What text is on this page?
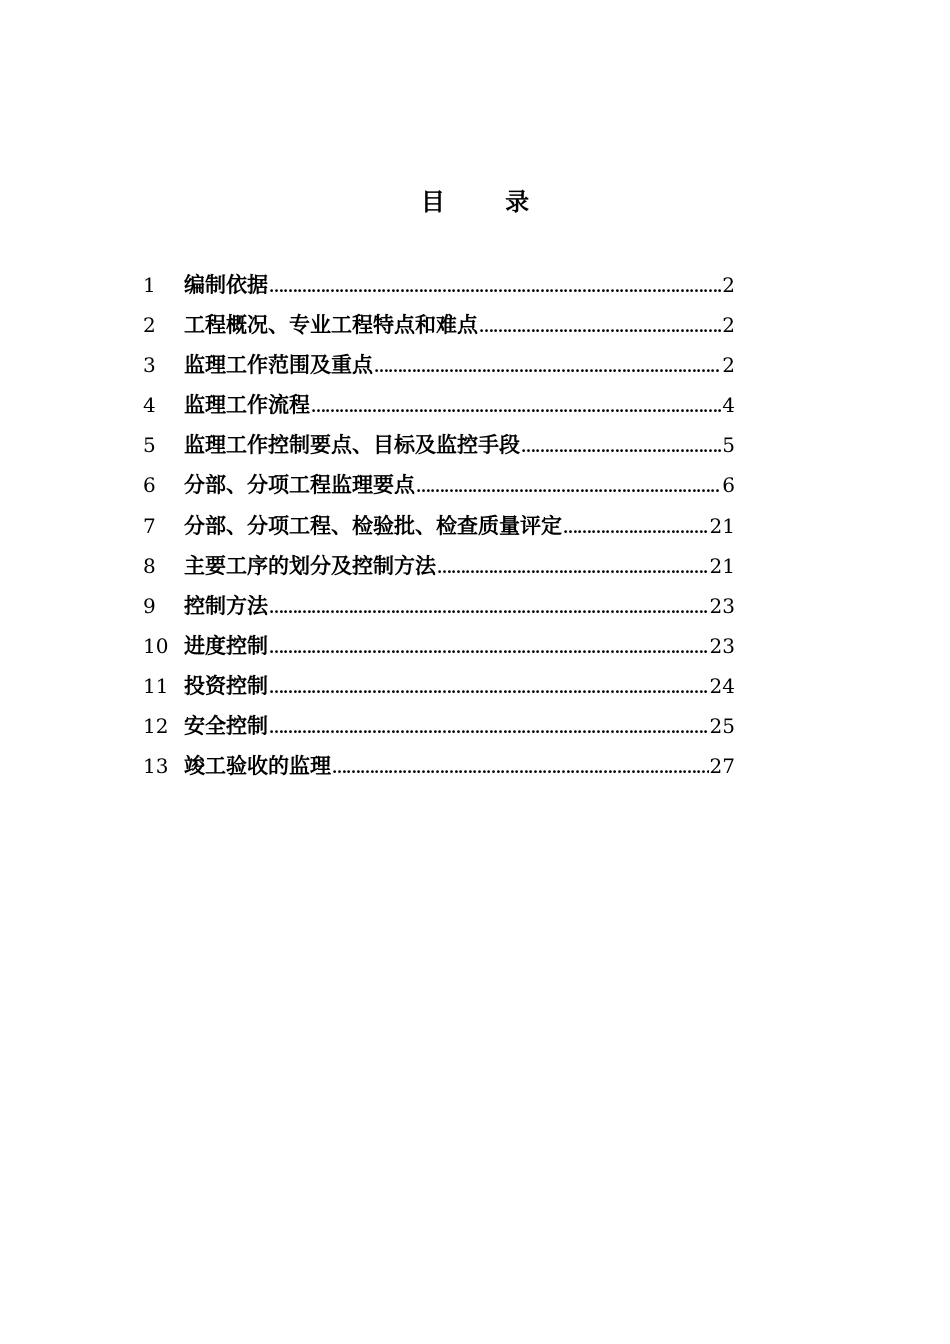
目 录
1	编制依据 ……………………………………………………………………………………………………………………………………………………………………	2
2	工程概况、专业工程特点和难点 ……………………………………………………………………………………………………………………………………………………………………	2
3	监理工作范围及重点 ……………………………………………………………………………………………………………………………………………………………………	2
4	监理工作流程 ……………………………………………………………………………………………………………………………………………………………………	4
5	监理工作控制要点、目标及监控手段 ……………………………………………………………………………………………………………………………………………………………………	5
6	分部、分项工程监理要点 ……………………………………………………………………………………………………………………………………………………………………	6
7	分部、分项工程、检验批、检查质量评定 ……………………………………………………………………………………………………………………………………………………………………	21
8	主要工序的划分及控制方法 ……………………………………………………………………………………………………………………………………………………………………	21
9	控制方法 ……………………………………………………………………………………………………………………………………………………………………	23
10 进度控制 ……………………………………………………………………………………………………………………………………………………………………	23
11 投资控制 ……………………………………………………………………………………………………………………………………………………………………	24
12 安全控制 ……………………………………………………………………………………………………………………………………………………………………	25
13 竣工验收的监理 ……………………………………………………………………………………………………………………………………………………………………	27
